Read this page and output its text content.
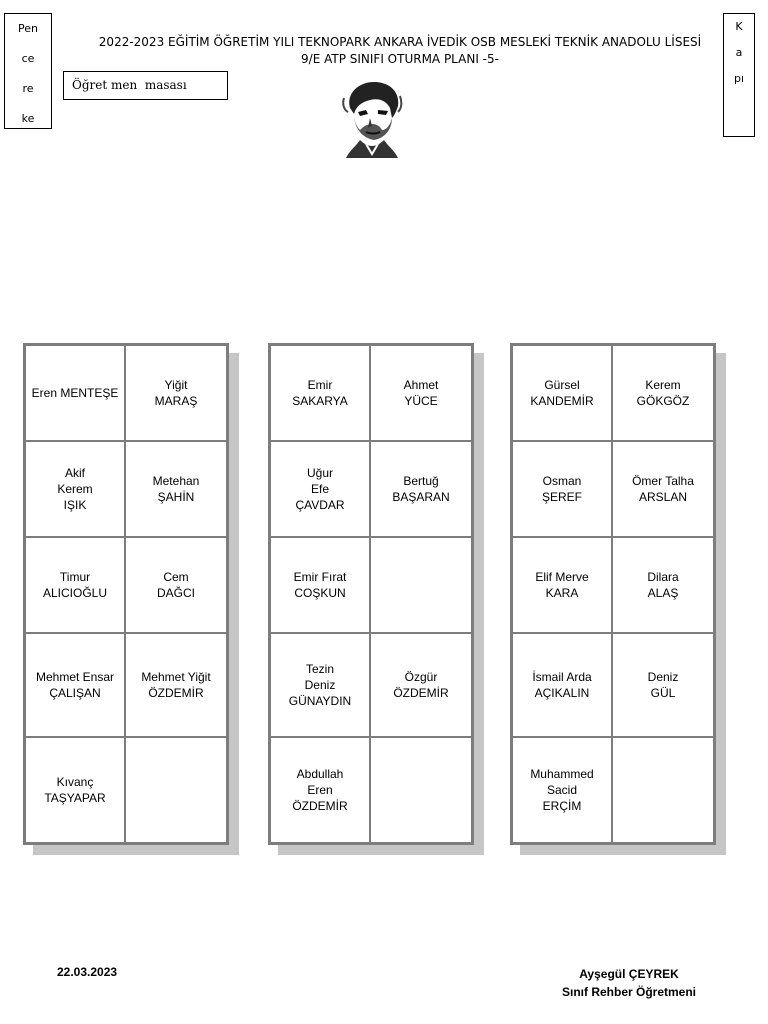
Pen
ce
re
ke
K
a
pı
2022-2023 EĞİTİM ÖĞRETİM YILI TEKNOPARK ANKARA İVEDİK OSB MESLEKİ TEKNİK ANADOLU LİSESİ
9/E ATP SINIFI OTURMA PLANI -5-
Öğret men  masası
Eren MENTEŞE
Yiğit
MARAŞ
Akif
Kerem
IŞIK
Metehan
ŞAHİN
Timur
ALICIOĞLU
Cem
DAĞCI
Mehmet Ensar
ÇALIŞAN
Mehmet Yiğit
ÖZDEMİR
Kıvanç
TAŞYAPAR
Emir
SAKARYA
Ahmet
YÜCE
Uğur
Efe
ÇAVDAR
Bertuğ
BAŞARAN
Emir Fırat
COŞKUN
Tezin
Deniz
GÜNAYDIN
Özgür
ÖZDEMİR
Abdullah
Eren
ÖZDEMİR
Gürsel
KANDEMİR
Kerem
GÖKGÖZ
Osman
ŞEREF
Ömer Talha
ARSLAN
Elif Merve
KARA
Dilara
ALAŞ
İsmail Arda
AÇIKALIN
Deniz
GÜL
Muhammed
Sacid
ERÇİM
22.03.2023	Ayşegül ÇEYREK
Sınıf Rehber Öğretmeni
